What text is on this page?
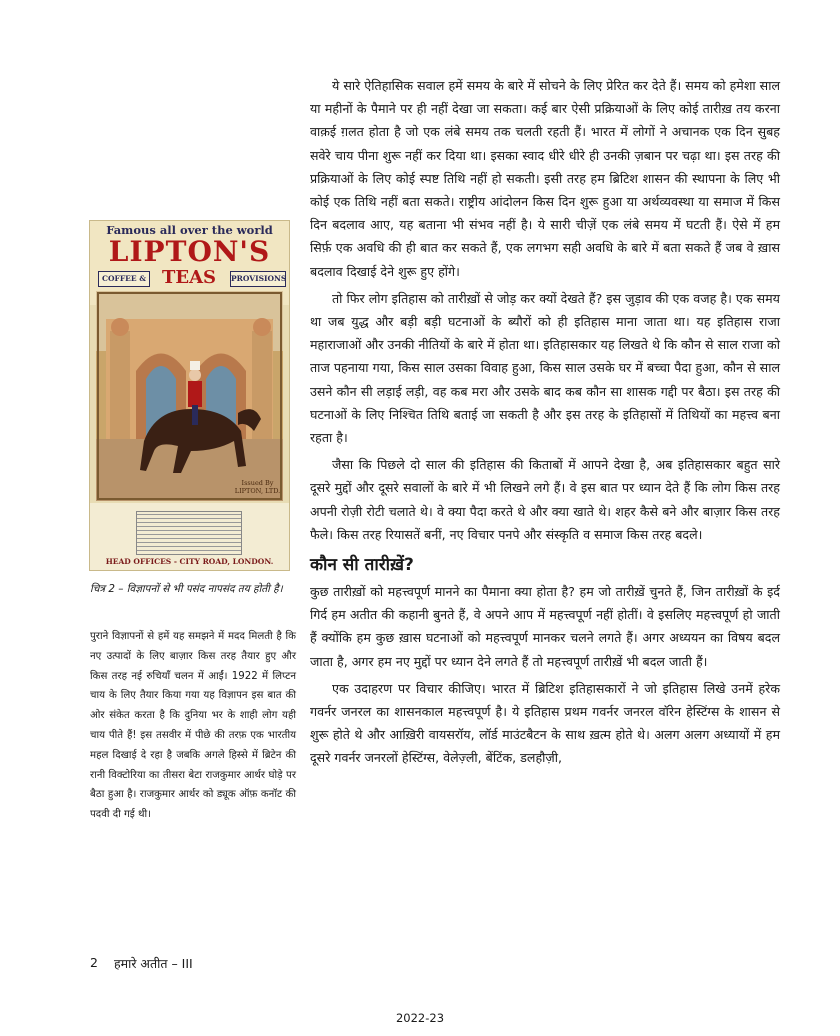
ये सारे ऐतिहासिक सवाल हमें समय के बारे में सोचने के लिए प्रेरित कर देते हैं। समय को हमेशा साल या महीनों के पैमाने पर ही नहीं देखा जा सकता। कई बार ऐसी प्रक्रियाओं के लिए कोई तारीख़ तय करना वाक़ई ग़लत होता है जो एक लंबे समय तक चलती रहती हैं। भारत में लोगों ने अचानक एक दिन सुबह सवेरे चाय पीना शुरू नहीं कर दिया था। इसका स्वाद धीरे धीरे ही उनकी ज़बान पर चढ़ा था। इस तरह की प्रक्रियाओं के लिए कोई स्पष्ट तिथि नहीं हो सकती। इसी तरह हम ब्रिटिश शासन की स्थापना के लिए भी कोई एक तिथि नहीं बता सकते। राष्ट्रीय आंदोलन किस दिन शुरू हुआ या अर्थव्यवस्था या समाज में किस दिन बदलाव आए, यह बताना भी संभव नहीं है। ये सारी चीज़ें एक लंबे समय में घटती हैं। ऐसे में हम सिर्फ़ एक अवधि की ही बात कर सकते हैं, एक लगभग सही अवधि के बारे में बता सकते हैं जब वे ख़ास बदलाव दिखाई देने शुरू हुए होंगे।

तो फिर लोग इतिहास को तारीख़ों से जोड़ कर क्यों देखते हैं? इस जुड़ाव की एक वजह है। एक समय था जब युद्ध और बड़ी बड़ी घटनाओं के ब्यौरों को ही इतिहास माना जाता था। यह इतिहास राजा महाराजाओं और उनकी नीतियों के बारे में होता था। इतिहासकार यह लिखते थे कि कौन से साल राजा को ताज पहनाया गया, किस साल उसका विवाह हुआ, किस साल उसके घर में बच्चा पैदा हुआ, कौन से साल उसने कौन सी लड़ाई लड़ी, वह कब मरा और उसके बाद कब कौन सा शासक गद्दी पर बैठा। इस तरह की घटनाओं के लिए निश्चित तिथि बताई जा सकती है और इस तरह के इतिहासों में तिथियों का महत्त्व बना रहता है।

जैसा कि पिछले दो साल की इतिहास की किताबों में आपने देखा है, अब इतिहासकार बहुत सारे दूसरे मुद्दों और दूसरे सवालों के बारे में भी लिखने लगे हैं। वे इस बात पर ध्यान देते हैं कि लोग किस तरह अपनी रोज़ी रोटी चलाते थे। वे क्या पैदा करते थे और क्या खाते थे। शहर कैसे बने और बाज़ार किस तरह फैले। किस तरह रियासतें बनीं, नए विचार पनपे और संस्कृति व समाज किस तरह बदले।

कौन सी तारीख़ें?

कुछ तारीख़ों को महत्त्वपूर्ण मानने का पैमाना क्या होता है? हम जो तारीख़ें चुनते हैं, जिन तारीख़ों के इर्द गिर्द हम अतीत की कहानी बुनते हैं, वे अपने आप में महत्त्वपूर्ण नहीं होतीं। वे इसलिए महत्त्वपूर्ण हो जाती हैं क्योंकि हम कुछ ख़ास घटनाओं को महत्त्वपूर्ण मानकर चलने लगते हैं। अगर अध्ययन का विषय बदल जाता है, अगर हम नए मुद्दों पर ध्यान देने लगते हैं तो महत्त्वपूर्ण तारीख़ें भी बदल जाती हैं।

एक उदाहरण पर विचार कीजिए। भारत में ब्रिटिश इतिहासकारों ने जो इतिहास लिखे उनमें हरेक गवर्नर जनरल का शासनकाल महत्त्वपूर्ण है। ये इतिहास प्रथम गवर्नर जनरल वॉरेन हेस्टिंग्स के शासन से शुरू होते थे और आख़िरी वायसरॉय, लॉर्ड माउंटबैटन के साथ ख़त्म होते थे। अलग अलग अध्यायों में हम दूसरे गवर्नर जनरलों हेस्टिंग्स, वेलेज़्ली, बेंटिंक, डलहौज़ी,

Famous all over the world
LIPTON'S
COFFEE & TEAS	PROVISIONS
Issued By LIPTON, LTD.
HEAD OFFICES - CITY ROAD, LONDON.
चित्र 2 – विज्ञापनों से भी पसंद नापसंद तय होती है।

पुराने विज्ञापनों से हमें यह समझने में मदद मिलती है कि नए उत्पादों के लिए बाज़ार किस तरह तैयार हुए और किस तरह नई रुचियाँ चलन में आईं। 1922 में लिप्टन चाय के लिए तैयार किया गया यह विज्ञापन इस बात की ओर संकेत करता है कि दुनिया भर के शाही लोग यही चाय पीते हैं! इस तसवीर में पीछे की तरफ़ एक भारतीय महल दिखाई दे रहा है जबकि अगले हिस्से में ब्रिटेन की रानी विक्टोरिया का तीसरा बेटा राजकुमार आर्थर घोड़े पर बैठा हुआ है। राजकुमार आर्थर को ड्यूक ऑफ़ कनॉट की पदवी दी गई थी।

2 हमारे अतीत – III
2022-23
